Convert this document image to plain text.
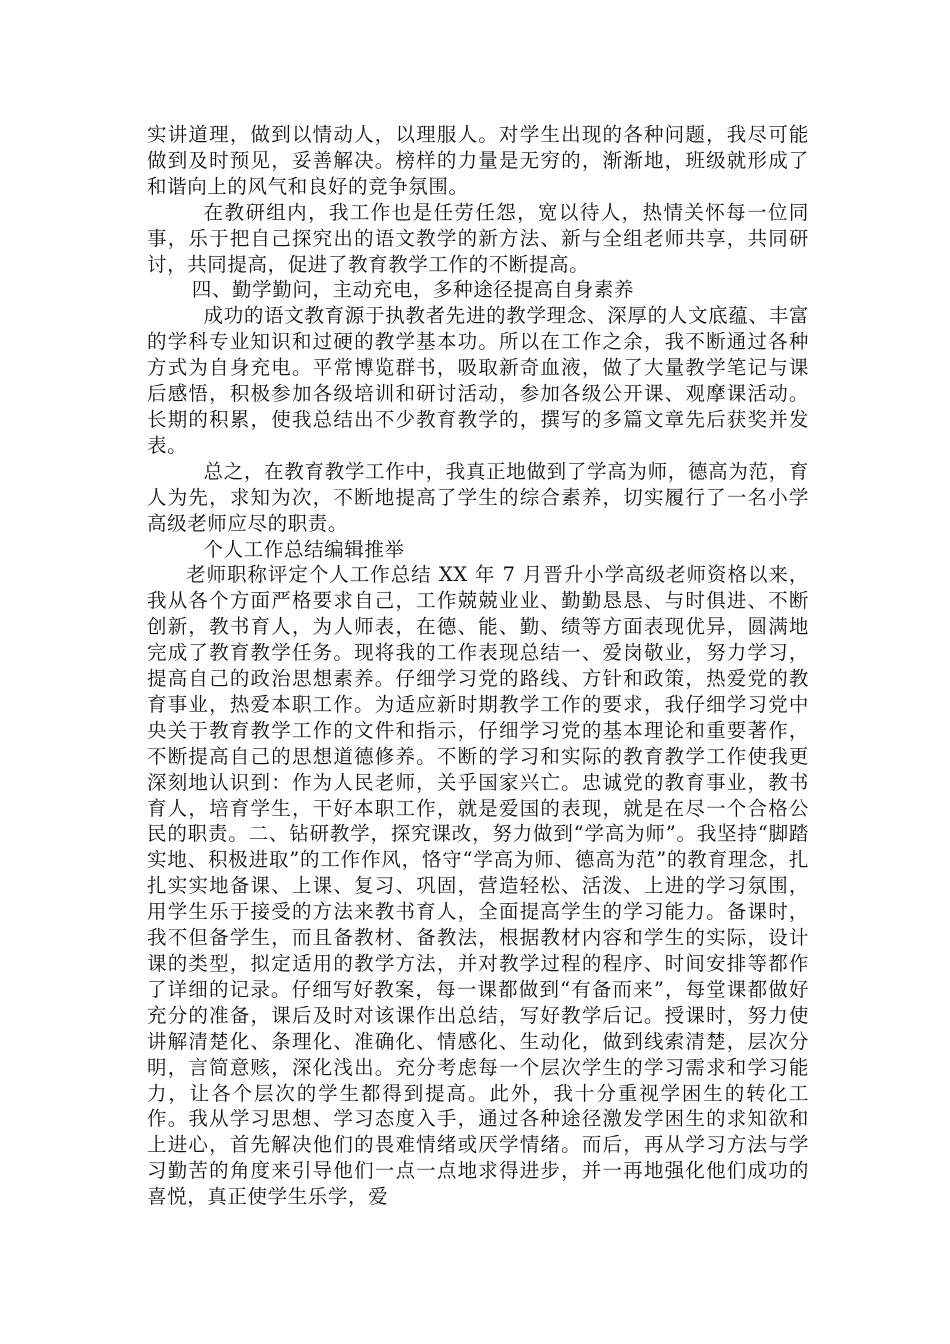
实讲道理，做到以情动人，以理服人。对学生出现的各种问题，我尽可能做到及时预见，妥善解决。榜样的力量是无穷的，渐渐地，班级就形成了和谐向上的风气和良好的竞争氛围。

在教研组内，我工作也是任劳任怨，宽以待人，热情关怀每一位同事，乐于把自己探究出的语文教学的新方法、新与全组老师共享，共同研讨，共同提高，促进了教育教学工作的不断提高。

四、勤学勤问，主动充电，多种途径提高自身素养

成功的语文教育源于执教者先进的教学理念、深厚的人文底蕴、丰富的学科专业知识和过硬的教学基本功。所以在工作之余，我不断通过各种方式为自身充电。平常博览群书，吸取新奇血液，做了大量教学笔记与课后感悟，积极参加各级培训和研讨活动，参加各级公开课、观摩课活动。长期的积累，使我总结出不少教育教学的，撰写的多篇文章先后获奖并发表。

总之，在教育教学工作中，我真正地做到了学高为师，德高为范，育人为先，求知为次，不断地提高了学生的综合素养，切实履行了一名小学高级老师应尽的职责。

个人工作总结编辑推举

老师职称评定个人工作总结 XX 年 7 月晋升小学高级老师资格以来，我从各个方面严格要求自己，工作兢兢业业、勤勤恳恳、与时俱进、不断创新，教书育人，为人师表，在德、能、勤、绩等方面表现优异，圆满地完成了教育教学任务。现将我的工作表现总结一、爱岗敬业，努力学习，提高自己的政治思想素养。仔细学习党的路线、方针和政策，热爱党的教育事业，热爱本职工作。为适应新时期教学工作的要求，我仔细学习党中央关于教育教学工作的文件和指示，仔细学习党的基本理论和重要著作，不断提高自己的思想道德修养。不断的学习和实际的教育教学工作使我更深刻地认识到：作为人民老师，关乎国家兴亡。忠诚党的教育事业，教书育人，培育学生，干好本职工作，就是爱国的表现，就是在尽一个合格公民的职责。二、钻研教学，探究课改，努力做到“学高为师”。我坚持“脚踏实地、积极进取”的工作作风，恪守“学高为师、德高为范”的教育理念，扎扎实实地备课、上课、复习、巩固，营造轻松、活泼、上进的学习氛围，用学生乐于接受的方法来教书育人，全面提高学生的学习能力。备课时，我不但备学生，而且备教材、备教法，根据教材内容和学生的实际，设计课的类型，拟定适用的教学方法，并对教学过程的程序、时间安排等都作了详细的记录。仔细写好教案，每一课都做到“有备而来”，每堂课都做好充分的准备，课后及时对该课作出总结，写好教学后记。授课时，努力使讲解清楚化、条理化、准确化、情感化、生动化，做到线索清楚，层次分明，言简意赅，深化浅出。充分考虑每一个层次学生的学习需求和学习能力，让各个层次的学生都得到提高。此外，我十分重视学困生的转化工作。我从学习思想、学习态度入手，通过各种途径激发学困生的求知欲和上进心，首先解决他们的畏难情绪或厌学情绪。而后，再从学习方法与学习勤苦的角度来引导他们一点一点地求得进步，并一再地强化他们成功的喜悦，真正使学生乐学，爱
